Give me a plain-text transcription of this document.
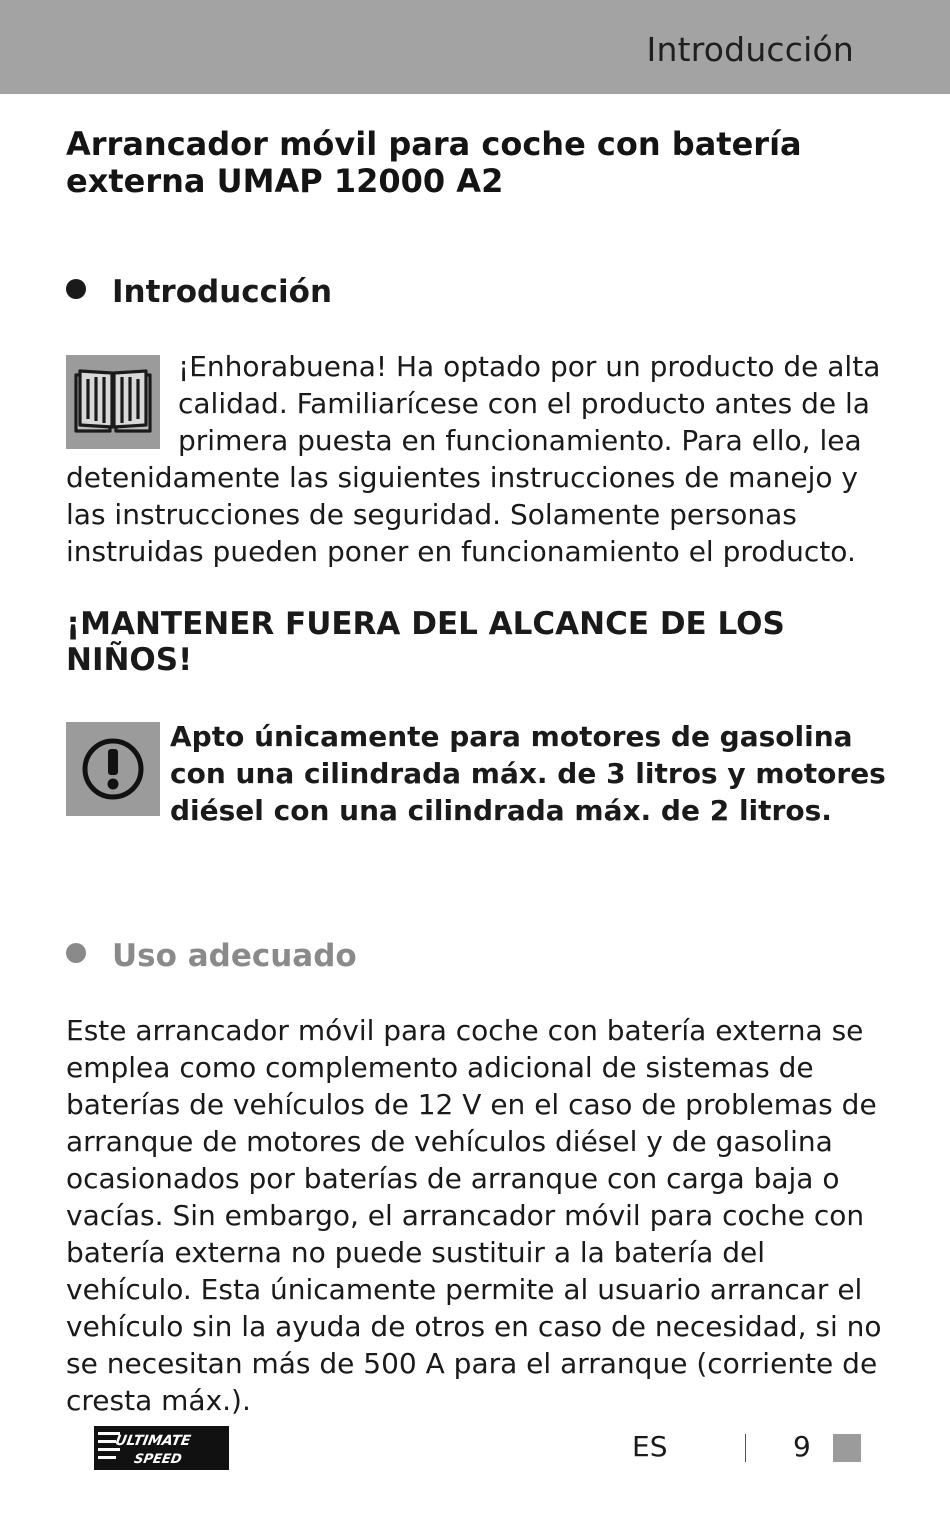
Introducción
Arrancador móvil para coche con batería externa UMAP 12000 A2
Introducción
¡Enhorabuena! Ha optado por un producto de alta calidad. Familiarícese con el producto antes de la primera puesta en funcionamiento. Para ello, lea detenidamente las siguientes instrucciones de manejo y las instrucciones de seguridad. Solamente personas instruidas pueden poner en funcionamiento el producto.
¡MANTENER FUERA DEL ALCANCE DE LOS NIÑOS!
Apto únicamente para motores de gasolina con una cilindrada máx. de 3 litros y motores diésel con una cilindrada máx. de 2 litros.
Uso adecuado
Este arrancador móvil para coche con batería externa se emplea como complemento adicional de sistemas de baterías de vehículos de 12 V en el caso de problemas de arranque de motores de vehículos diésel y de gasolina ocasionados por baterías de arranque con carga baja o vacías. Sin embargo, el arrancador móvil para coche con batería externa no puede sustituir a la batería del vehículo. Esta únicamente permite al usuario arrancar el vehículo sin la ayuda de otros en caso de necesidad, si no se necesitan más de 500 A para el arranque (corriente de cresta máx.).
ULTIMATE
SPEED	ES	9
